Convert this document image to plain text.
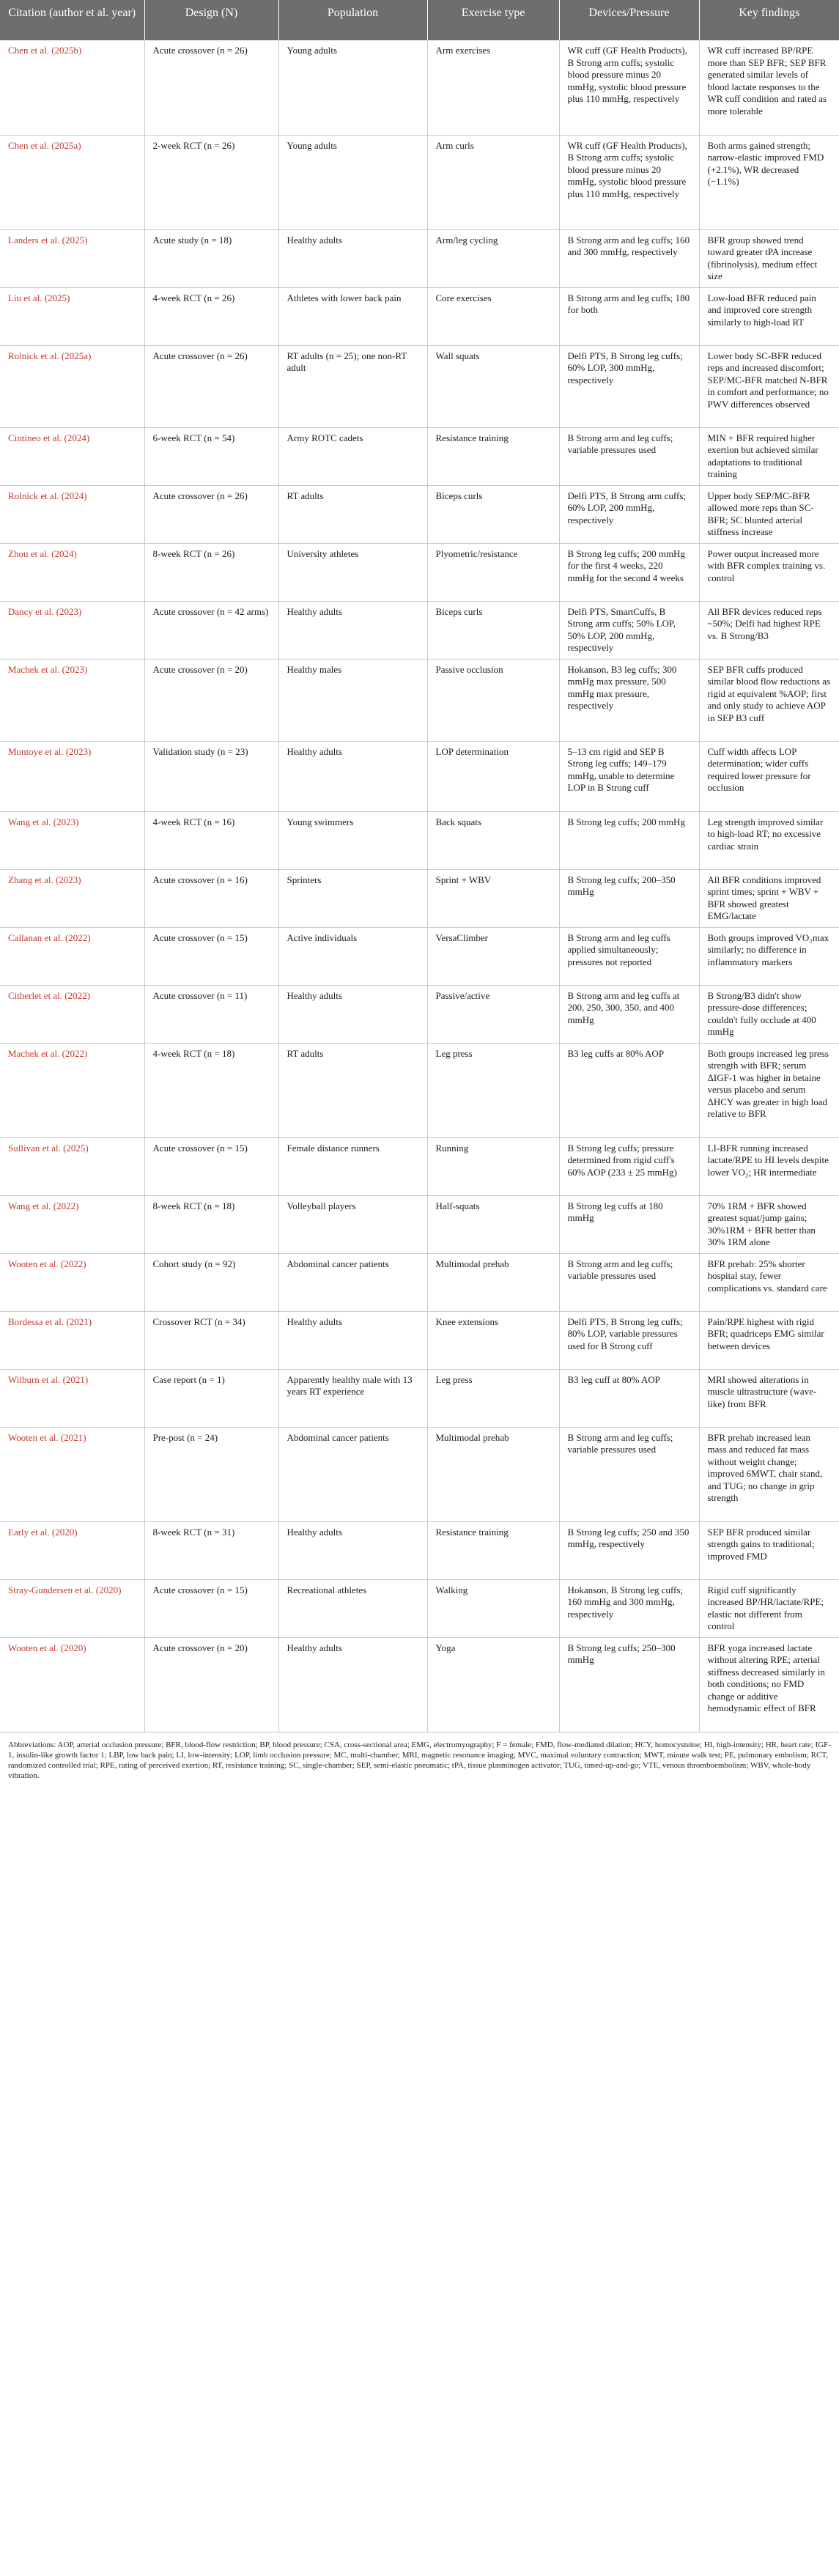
Citation (author et al. year)	Design (N)	Population	Exercise type	Devices/Pressure	Key findings
Chen et al. (2025b)	Acute crossover (n = 26)	Young adults	Arm exercises	WR cuff (GF Health Products), B Strong arm cuffs; systolic blood pressure minus 20 mmHg, systolic blood pressure plus 110 mmHg, respectively	WR cuff increased BP/RPE more than SEP BFR; SEP BFR generated similar levels of blood lactate responses to the WR cuff condition and rated as more tolerable
Chen et al. (2025a)	2-week RCT (n = 26)	Young adults	Arm curls	WR cuff (GF Health Products), B Strong arm cuffs; systolic blood pressure minus 20 mmHg, systolic blood pressure plus 110 mmHg, respectively	Both arms gained strength; narrow-elastic improved FMD (+2.1%), WR decreased (−1.1%)
Landers et al. (2025)	Acute study (n = 18)	Healthy adults	Arm/leg cycling	B Strong arm and leg cuffs; 160 and 300 mmHg, respectively	BFR group showed trend toward greater tPA increase (fibrinolysis), medium effect size
Liu et al. (2025)	4-week RCT (n = 26)	Athletes with lower back pain	Core exercises	B Strong arm and leg cuffs; 180 for both	Low-load BFR reduced pain and improved core strength similarly to high-load RT
Rolnick et al. (2025a)	Acute crossover (n = 26)	RT adults (n = 25); one non-RT adult	Wall squats	Delfi PTS, B Strong leg cuffs; 60% LOP, 300 mmHg, respectively	Lower body SC-BFR reduced reps and increased discomfort; SEP/MC-BFR matched N-BFR in comfort and performance; no PWV differences observed
Cintineo et al. (2024)	6-week RCT (n = 54)	Army ROTC cadets	Resistance training	B Strong arm and leg cuffs; variable pressures used	MIN + BFR required higher exertion but achieved similar adaptations to traditional training
Rolnick et al. (2024)	Acute crossover (n = 26)	RT adults	Biceps curls	Delfi PTS, B Strong arm cuffs; 60% LOP, 200 mmHg, respectively	Upper body SEP/MC-BFR allowed more reps than SC-BFR; SC blunted arterial stiffness increase
Zhou et al. (2024)	8-week RCT (n = 26)	University athletes	Plyometric/resistance	B Strong leg cuffs; 200 mmHg for the first 4 weeks, 220 mmHg for the second 4 weeks	Power output increased more with BFR complex training vs. control
Dancy et al. (2023)	Acute crossover (n = 42 arms)	Healthy adults	Biceps curls	Delfi PTS, SmartCuffs, B Strong arm cuffs; 50% LOP, 50% LOP, 200 mmHg, respectively	All BFR devices reduced reps ~50%; Delfi had highest RPE vs. B Strong/B3
Machek et al. (2023)	Acute crossover (n = 20)	Healthy males	Passive occlusion	Hokanson, B3 leg cuffs; 300 mmHg max pressure, 500 mmHg max pressure, respectively	SEP BFR cuffs produced similar blood flow reductions as rigid at equivalent %AOP; first and only study to achieve AOP in SEP B3 cuff
Montoye et al. (2023)	Validation study (n = 23)	Healthy adults	LOP determination	5–13 cm rigid and SEP B Strong leg cuffs; 149–179 mmHg, unable to determine LOP in B Strong cuff	Cuff width affects LOP determination; wider cuffs required lower pressure for occlusion
Wang et al. (2023)	4-week RCT (n = 16)	Young swimmers	Back squats	B Strong leg cuffs; 200 mmHg	Leg strength improved similar to high-load RT; no excessive cardiac strain
Zhang et al. (2023)	Acute crossover (n = 16)	Sprinters	Sprint + WBV	B Strong leg cuffs; 200–350 mmHg	All BFR conditions improved sprint times; sprint + WBV + BFR showed greatest EMG/lactate
Callanan et al. (2022)	Acute crossover (n = 15)	Active individuals	VersaClimber	B Strong arm and leg cuffs applied simultaneously; pressures not reported	Both groups improved VO₂max similarly; no difference in inflammatory markers
Citherlet et al. (2022)	Acute crossover (n = 11)	Healthy adults	Passive/active	B Strong arm and leg cuffs at 200, 250, 300, 350, and 400 mmHg	B Strong/B3 didn't show pressure-dose differences; couldn't fully occlude at 400 mmHg
Machek et al. (2022)	4-week RCT (n = 18)	RT adults	Leg press	B3 leg cuffs at 80% AOP	Both groups increased leg press strength with BFR; serum ΔIGF-1 was higher in betaine versus placebo and serum ΔHCY was greater in high load relative to BFR
Sullivan et al. (2025)	Acute crossover (n = 15)	Female distance runners	Running	B Strong leg cuffs; pressure determined from rigid cuff's 60% AOP (233 ± 25 mmHg)	LI-BFR running increased lactate/RPE to HI levels despite lower VO₂; HR intermediate
Wang et al. (2022)	8-week RCT (n = 18)	Volleyball players	Half-squats	B Strong leg cuffs at 180 mmHg	70% 1RM + BFR showed greatest squat/jump gains; 30%1RM + BFR better than 30% 1RM alone
Wooten et al. (2022)	Cohort study (n = 92)	Abdominal cancer patients	Multimodal prehab	B Strong arm and leg cuffs; variable pressures used	BFR prehab: 25% shorter hospital stay, fewer complications vs. standard care
Bordessa et al. (2021)	Crossover RCT (n = 34)	Healthy adults	Knee extensions	Delfi PTS, B Strong leg cuffs; 80% LOP, variable pressures used for B Strong cuff	Pain/RPE highest with rigid BFR; quadriceps EMG similar between devices
Wilburn et al. (2021)	Case report (n = 1)	Apparently healthy male with 13 years RT experience	Leg press	B3 leg cuff at 80% AOP	MRI showed alterations in muscle ultrastructure (wave-like) from BFR
Wooten et al. (2021)	Pre-post (n = 24)	Abdominal cancer patients	Multimodal prehab	B Strong arm and leg cuffs; variable pressures used	BFR prehab increased lean mass and reduced fat mass without weight change; improved 6MWT, chair stand, and TUG; no change in grip strength
Early et al. (2020)	8-week RCT (n = 31)	Healthy adults	Resistance training	B Strong leg cuffs; 250 and 350 mmHg, respectively	SEP BFR produced similar strength gains to traditional; improved FMD
Stray-Gundersen et al. (2020)	Acute crossover (n = 15)	Recreational athletes	Walking	Hokanson, B Strong leg cuffs; 160 mmHg and 300 mmHg, respectively	Rigid cuff significantly increased BP/HR/lactate/RPE; elastic not different from control
Wooten et al. (2020)	Acute crossover (n = 20)	Healthy adults	Yoga	B Strong leg cuffs; 250–300 mmHg	BFR yoga increased lactate without altering RPE; arterial stiffness decreased similarly in both conditions; no FMD change or additive hemodynamic effect of BFR
Abbreviations: AOP, arterial occlusion pressure; BFR, blood-flow restriction; BP, blood pressure; CSA, cross-sectional area; EMG, electromyography; F = female; FMD, flow-mediated dilation; HCY, homocysteine; HI, high-intensity; HR, heart rate; IGF-1, insulin-like growth factor 1; LBP, low back pain; LI, low-intensity; LOP, limb occlusion pressure; MC, multi-chamber; MRI, magnetic resonance imaging; MVC, maximal voluntary contraction; MWT, minute walk test; PE, pulmonary embolism; RCT, randomized controlled trial; RPE, rating of perceived exertion; RT, resistance training; SC, single-chamber; SEP, semi-elastic pneumatic; tPA, tissue plasminogen activator; TUG, timed-up-and-go; VTE, venous thromboembolism; WBV, whole-body vibration.
